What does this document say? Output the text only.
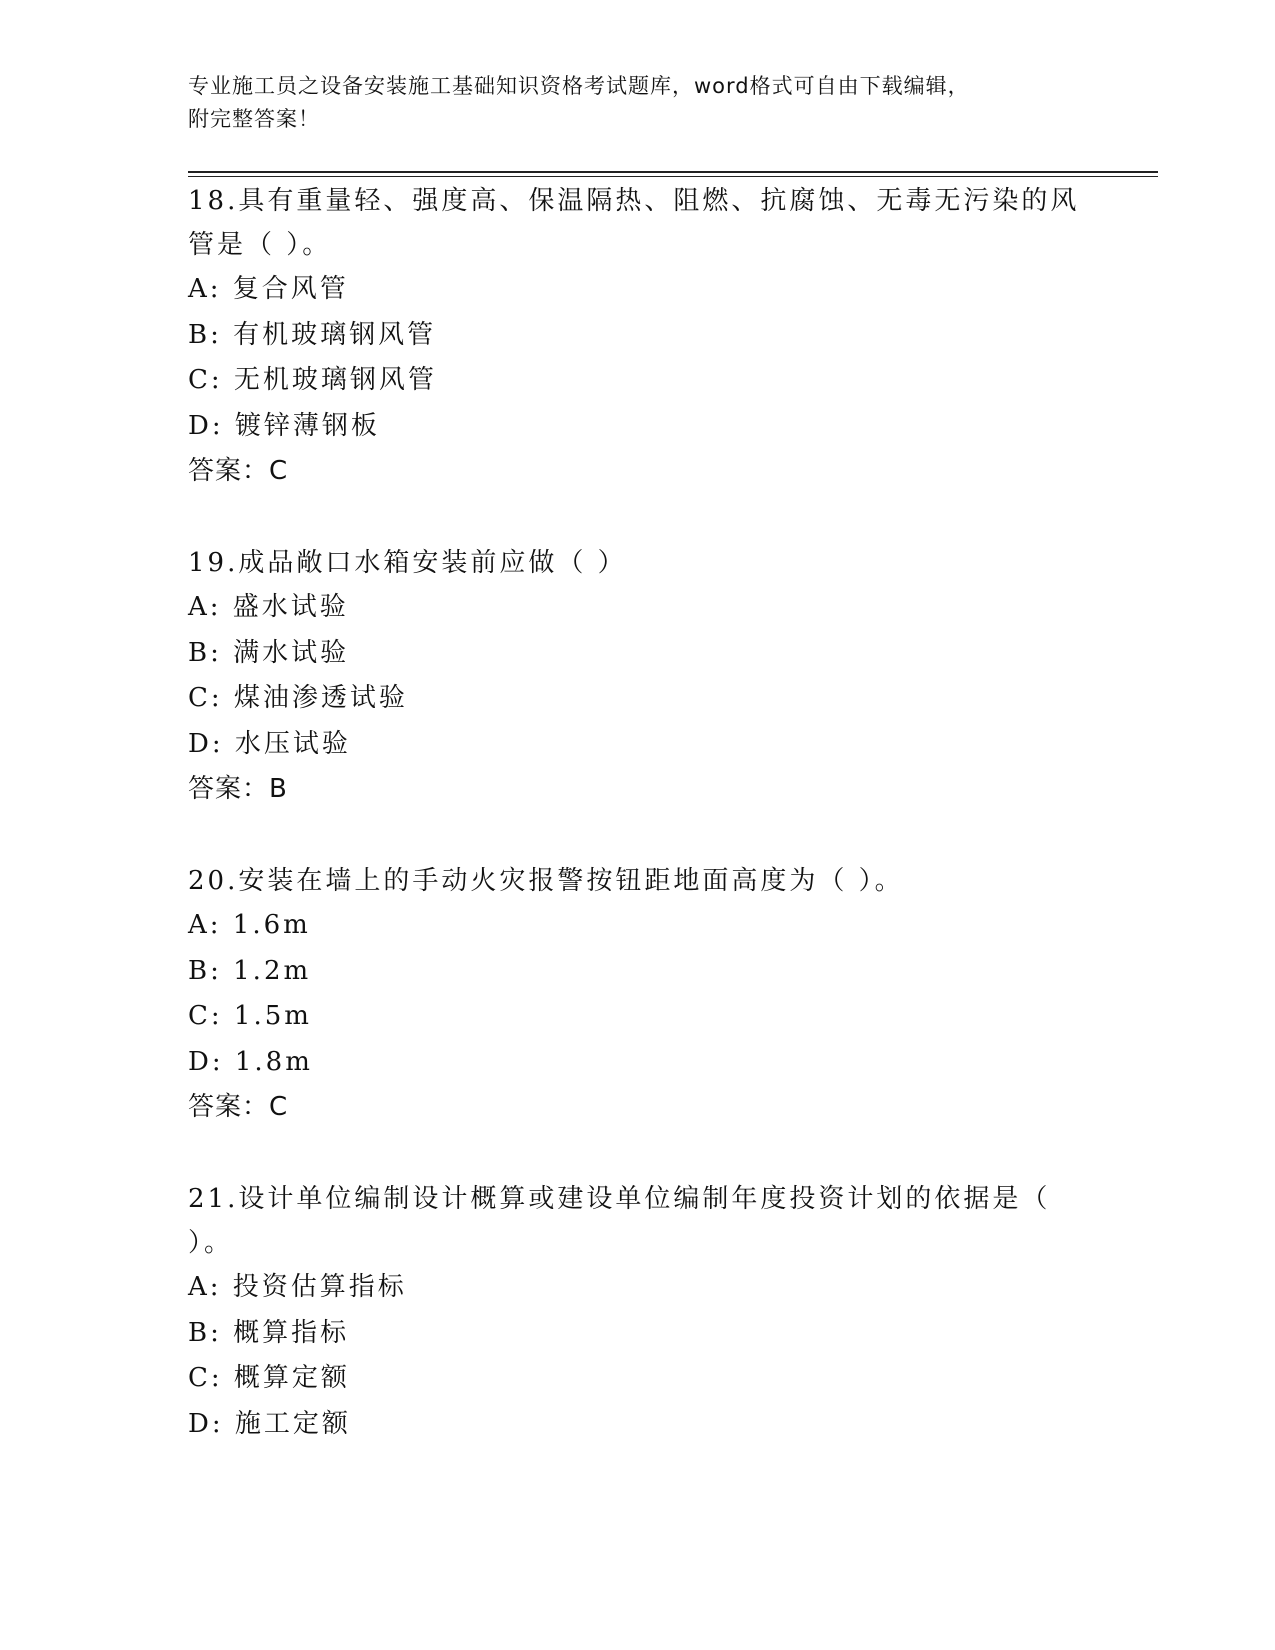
专业施工员之设备安装施工基础知识资格考试题库，word格式可自由下载编辑，
附完整答案！
18.具有重量轻、强度高、保温隔热、阻燃、抗腐蚀、无毒无污染的风管是（ ）。
A: 复合风管
B: 有机玻璃钢风管
C: 无机玻璃钢风管
D: 镀锌薄钢板
答案：C
19.成品敞口水箱安装前应做（ ）
A: 盛水试验
B: 满水试验
C: 煤油渗透试验
D: 水压试验
答案：B
20.安装在墙上的手动火灾报警按钮距地面高度为（ ）。
A: 1.6m
B: 1.2m
C: 1.5m
D: 1.8m
答案：C
21.设计单位编制设计概算或建设单位编制年度投资计划的依据是（ ）。
A: 投资估算指标
B: 概算指标
C: 概算定额
D: 施工定额
